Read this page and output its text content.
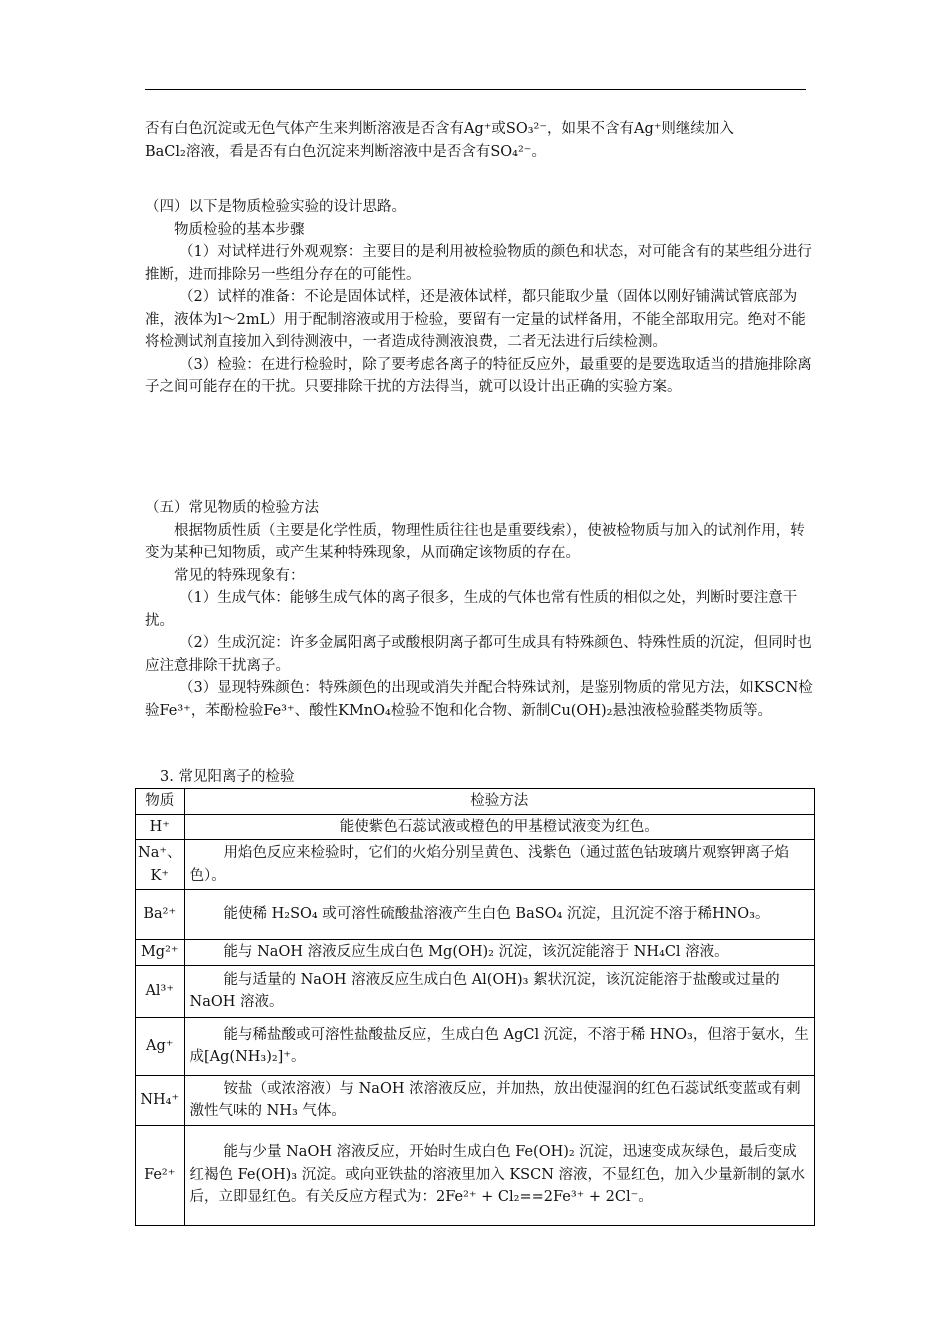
否有白色沉淀或无色气体产生来判断溶液是否含有Ag⁺或SO₃²⁻，如果不含有Ag⁺则继续加入

BaCl₂溶液，看是否有白色沉淀来判断溶液中是否含有SO₄²⁻。

（四）以下是物质检验实验的设计思路。

物质检验的基本步骤

（1）对试样进行外观观察：主要目的是利用被检验物质的颜色和状态，对可能含有的某些组分进行推断，进而排除另一些组分存在的可能性。

（2）试样的准备：不论是固体试样，还是液体试样，都只能取少量（固体以刚好铺满试管底部为准，液体为l～2mL）用于配制溶液或用于检验，要留有一定量的试样备用，不能全部取用完。绝对不能将检测试剂直接加入到待测液中，一者造成待测液浪费，二者无法进行后续检测。

（3）检验：在进行检验时，除了要考虑各离子的特征反应外，最重要的是要选取适当的措施排除离子之间可能存在的干扰。只要排除干扰的方法得当，就可以设计出正确的实验方案。

（五）常见物质的检验方法

根据物质性质（主要是化学性质，物理性质往往也是重要线索），使被检物质与加入的试剂作用，转变为某种已知物质，或产生某种特殊现象，从而确定该物质的存在。

常见的特殊现象有：

（1）生成气体：能够生成气体的离子很多，生成的气体也常有性质的相似之处，判断时要注意干扰。

（2）生成沉淀：许多金属阳离子或酸根阴离子都可生成具有特殊颜色、特殊性质的沉淀，但同时也应注意排除干扰离子。

（3）显现特殊颜色：特殊颜色的出现或消失并配合特殊试剂，是鉴别物质的常见方法，如KSCN检验Fe³⁺，苯酚检验Fe³⁺、酸性KMnO₄检验不饱和化合物、新制Cu(OH)₂悬浊液检验醛类物质等。

3. 常见阳离子的检验
物质	检验方法
H⁺	能使紫色石蕊试液或橙色的甲基橙试液变为红色。
Na⁺、K⁺	用焰色反应来检验时，它们的火焰分别呈黄色、浅紫色（通过蓝色钴玻璃片观察钾离子焰色）。

Ba²⁺	能使稀 H₂SO₄ 或可溶性硫酸盐溶液产生白色 BaSO₄ 沉淀，且沉淀不溶于稀HNO₃。

Mg²⁺	能与 NaOH 溶液反应生成白色 Mg(OH)₂ 沉淀，该沉淀能溶于 NH₄Cl 溶液。

Al³⁺	能与适量的 NaOH 溶液反应生成白色 Al(OH)₃ 絮状沉淀，该沉淀能溶于盐酸或过量的 NaOH 溶液。

Ag⁺	能与稀盐酸或可溶性盐酸盐反应，生成白色 AgCl 沉淀，不溶于稀 HNO₃，但溶于氨水，生成[Ag(NH₃)₂]⁺。

NH₄⁺	铵盐（或浓溶液）与 NaOH 浓溶液反应，并加热，放出使湿润的红色石蕊试纸变蓝或有刺激性气味的 NH₃ 气体。

Fe²⁺	能与少量 NaOH 溶液反应，开始时生成白色 Fe(OH)₂ 沉淀，迅速变成灰绿色，最后变成红褐色 Fe(OH)₃ 沉淀。或向亚铁盐的溶液里加入 KSCN 溶液，不显红色，加入少量新制的氯水后，立即显红色。有关反应方程式为：2Fe²⁺ + Cl₂==2Fe³⁺ + 2Cl⁻。
